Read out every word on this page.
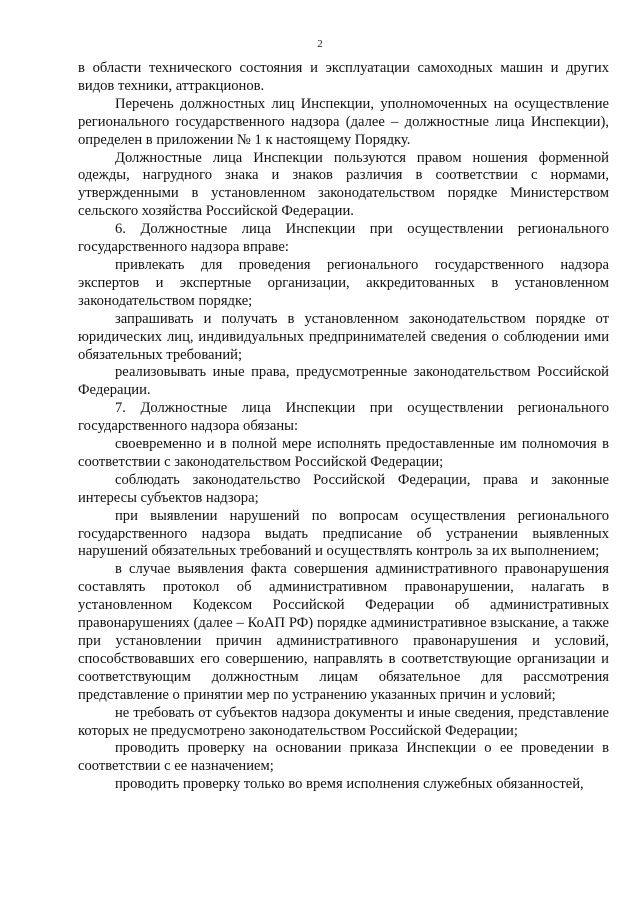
2

в области технического состояния и эксплуатации самоходных машин и других видов техники, аттракционов.

Перечень должностных лиц Инспекции, уполномоченных на осуществление регионального государственного надзора (далее – должностные лица Инспекции), определен в приложении № 1 к настоящему Порядку.

Должностные лица Инспекции пользуются правом ношения форменной одежды, нагрудного знака и знаков различия в соответствии с нормами, утвержденными в установленном законодательством порядке Министерством сельского хозяйства Российской Федерации.

6. Должностные лица Инспекции при осуществлении регионального государственного надзора вправе:

привлекать для проведения регионального государственного надзора экспертов и экспертные организации, аккредитованных в установленном законодательством порядке;

запрашивать и получать в установленном законодательством порядке от юридических лиц, индивидуальных предпринимателей сведения о соблюдении ими обязательных требований;

реализовывать иные права, предусмотренные законодательством Российской Федерации.

7. Должностные лица Инспекции при осуществлении регионального государственного надзора обязаны:

своевременно и в полной мере исполнять предоставленные им полномочия в соответствии с законодательством Российской Федерации;

соблюдать законодательство Российской Федерации, права и законные интересы субъектов надзора;

при выявлении нарушений по вопросам осуществления регионального государственного надзора выдать предписание об устранении выявленных нарушений обязательных требований и осуществлять контроль за их выполнением;

в случае выявления факта совершения административного правонарушения составлять протокол об административном правонарушении, налагать в установленном Кодексом Российской Федерации об административных правонарушениях (далее – КоАП РФ) порядке административное взыскание, а также при установлении причин административного правонарушения и условий, способствовавших его совершению, направлять в соответствующие организации и соответствующим должностным лицам обязательное для рассмотрения представление о принятии мер по устранению указанных причин и условий;

не требовать от субъектов надзора документы и иные сведения, представление которых не предусмотрено законодательством Российской Федерации;

проводить проверку на основании приказа Инспекции о ее проведении в соответствии с ее назначением;

проводить проверку только во время исполнения служебных обязанностей,
